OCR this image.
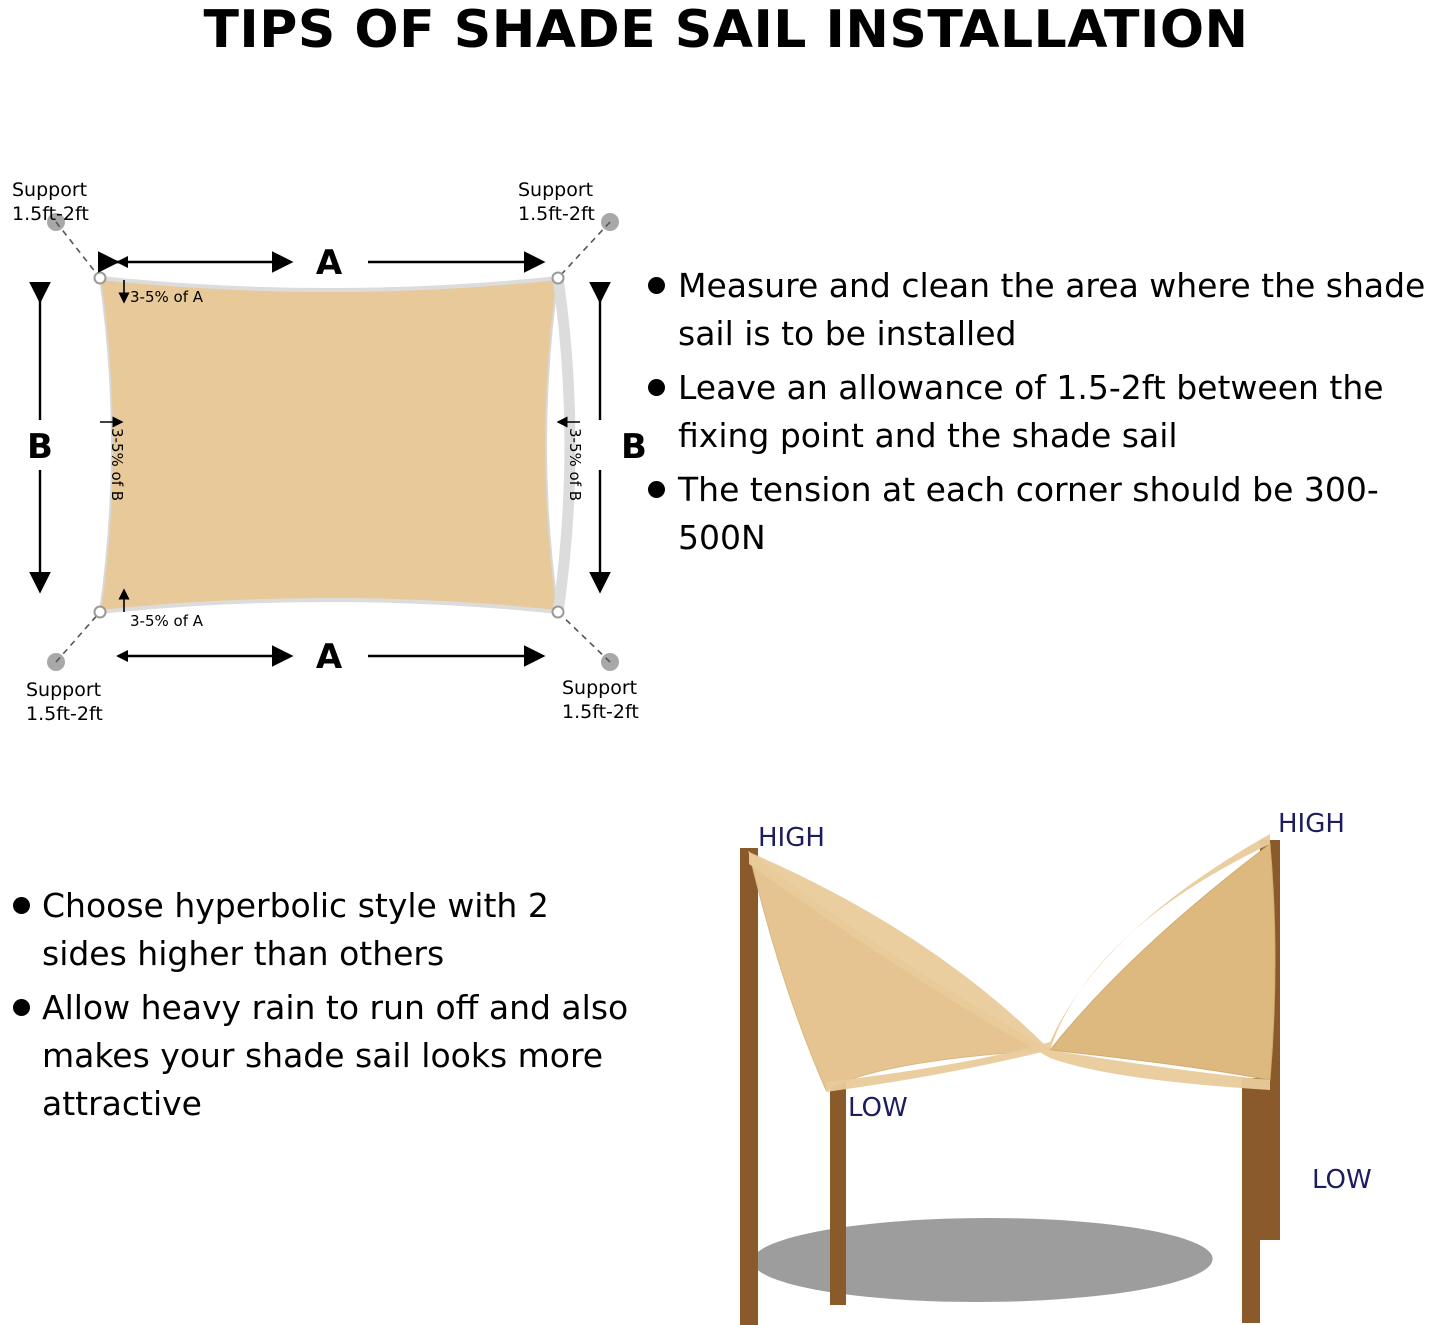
TIPS OF SHADE SAIL INSTALLATION
A
A
B	B
3-5% of A
3-5% of A
3-5% of B	3-5% of B
Support
1.5ft-2ft
Support
1.5ft-2ft
Support
1.5ft-2ft
Support
1.5ft-2ft
Measure and clean the area where the shade sail is to be installed
Leave an allowance of 1.5-2ft between the fixing point and the shade sail
The tension at each corner should be 300-500N
Choose hyperbolic style with 2 sides higher than others
Allow heavy rain to run off and also makes your shade sail looks more attractive
HIGH	HIGH
LOW
LOW
